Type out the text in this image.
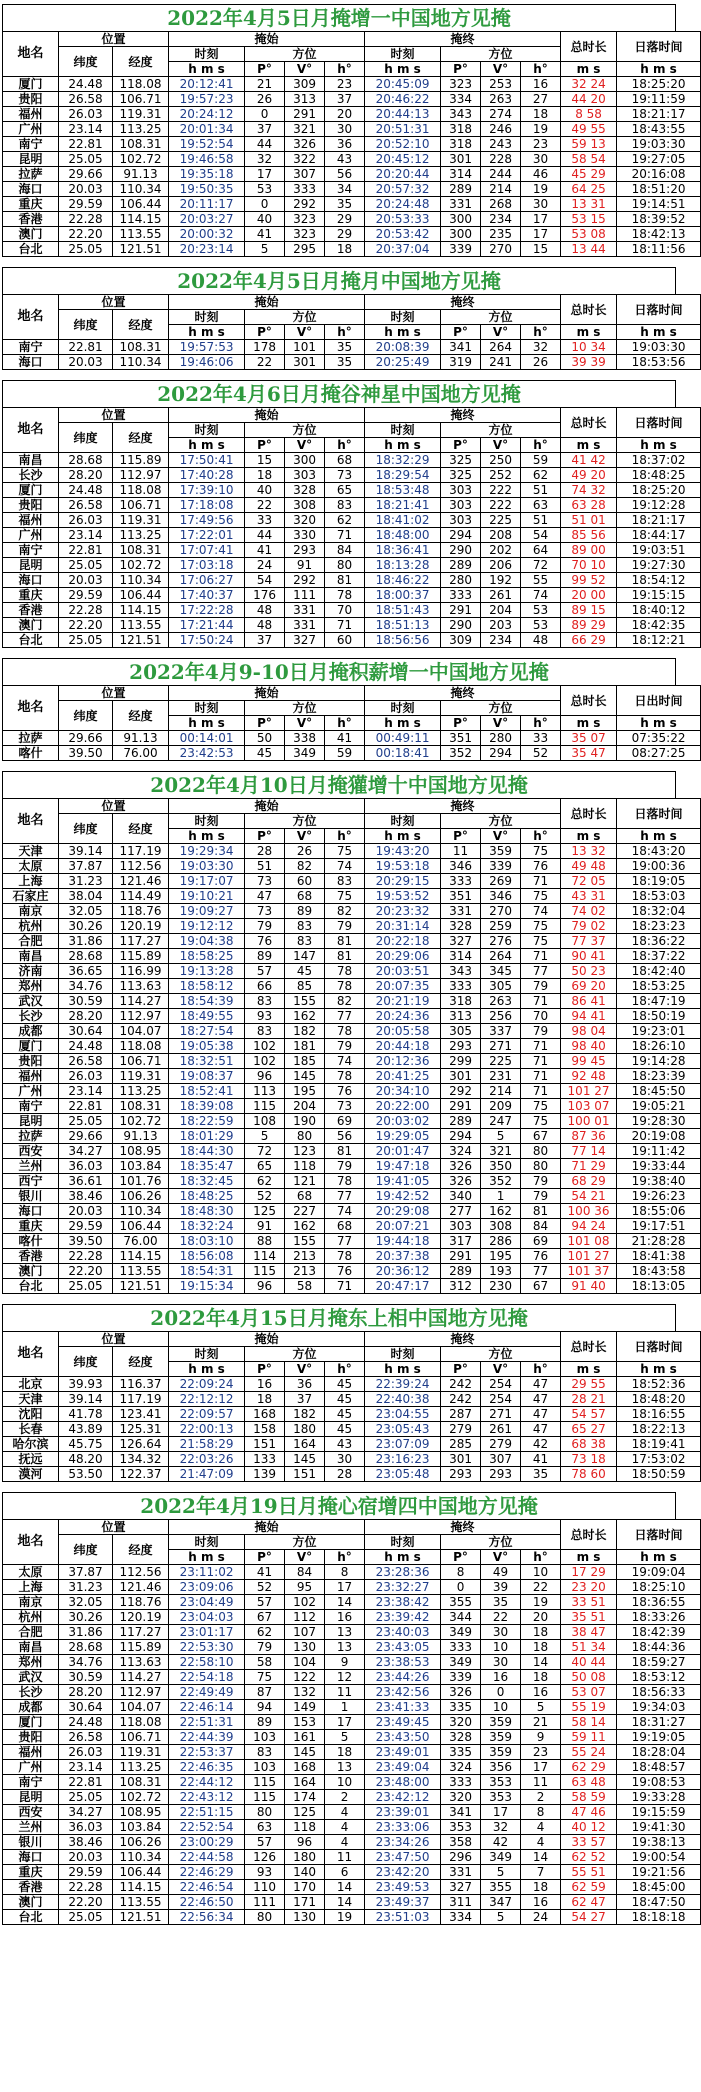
2022年4月5日月掩增一中国地方见掩
地名	位置		掩始				掩终				总时长	日落时间
	纬度	经度	时刻	方位			时刻	方位				
			h m s	P°	V°	h°	h m s	P°	V°	h°	m s	h m s
厦门	24.48	118.08	20:12:41	21	309	23	20:45:09	323	253	16	32 24	18:25:20
贵阳	26.58	106.71	19:57:23	26	313	37	20:46:22	334	263	27	44 20	19:11:59
福州	26.03	119.31	20:24:12	0	291	20	20:44:13	343	274	18	8 58	18:21:17
广州	23.14	113.25	20:01:34	37	321	30	20:51:31	318	246	19	49 55	18:43:55
南宁	22.81	108.31	19:52:54	44	326	36	20:52:10	318	243	23	59 13	19:03:30
昆明	25.05	102.72	19:46:58	32	322	43	20:45:12	301	228	30	58 54	19:27:05
拉萨	29.66	91.13	19:35:18	17	307	56	20:20:44	314	244	46	45 29	20:16:08
海口	20.03	110.34	19:50:35	53	333	34	20:57:32	289	214	19	64 25	18:51:20
重庆	29.59	106.44	20:11:17	0	292	35	20:24:48	331	268	30	13 31	19:14:51
香港	22.28	114.15	20:03:27	40	323	29	20:53:33	300	234	17	53 15	18:39:52
澳门	22.20	113.55	20:00:32	41	323	29	20:53:42	300	235	17	53 08	18:42:13
台北	25.05	121.51	20:23:14	5	295	18	20:37:04	339	270	15	13 44	18:11:56
2022年4月5日月掩月中国地方见掩
地名	位置		掩始				掩终				总时长	日落时间
	纬度	经度	时刻	方位			时刻	方位				
			h m s	P°	V°	h°	h m s	P°	V°	h°	m s	h m s
南宁	22.81	108.31	19:57:53	178	101	35	20:08:39	341	264	32	10 34	19:03:30
海口	20.03	110.34	19:46:06	22	301	35	20:25:49	319	241	26	39 39	18:53:56
2022年4月6日月掩谷神星中国地方见掩
地名	位置		掩始				掩终				总时长	日落时间
	纬度	经度	时刻	方位			时刻	方位				
			h m s	P°	V°	h°	h m s	P°	V°	h°	m s	h m s
南昌	28.68	115.89	17:50:41	15	300	68	18:32:29	325	250	59	41 42	18:37:02
长沙	28.20	112.97	17:40:28	18	303	73	18:29:54	325	252	62	49 20	18:48:25
厦门	24.48	118.08	17:39:10	40	328	65	18:53:48	303	222	51	74 32	18:25:20
贵阳	26.58	106.71	17:18:08	22	308	83	18:21:41	303	222	63	63 28	19:12:28
福州	26.03	119.31	17:49:56	33	320	62	18:41:02	303	225	51	51 01	18:21:17
广州	23.14	113.25	17:22:01	44	330	71	18:48:00	294	208	54	85 56	18:44:17
南宁	22.81	108.31	17:07:41	41	293	84	18:36:41	290	202	64	89 00	19:03:51
昆明	25.05	102.72	17:03:18	24	91	80	18:13:28	289	206	72	70 10	19:27:30
海口	20.03	110.34	17:06:27	54	292	81	18:46:22	280	192	55	99 52	18:54:12
重庆	29.59	106.44	17:40:37	176	111	78	18:00:37	333	261	74	20 00	19:15:15
香港	22.28	114.15	17:22:28	48	331	70	18:51:43	291	204	53	89 15	18:40:12
澳门	22.20	113.55	17:21:44	48	331	71	18:51:13	290	203	53	89 29	18:42:35
台北	25.05	121.51	17:50:24	37	327	60	18:56:56	309	234	48	66 29	18:12:21
2022年4月9-10日月掩积薪增一中国地方见掩
地名	位置		掩始				掩终				总时长	日出时间
	纬度	经度	时刻	方位			时刻	方位				
			h m s	P°	V°	h°	h m s	P°	V°	h°	m s	h m s
拉萨	29.66	91.13	00:14:01	50	338	41	00:49:11	351	280	33	35 07	07:35:22
喀什	39.50	76.00	23:42:53	45	349	59	00:18:41	352	294	52	35 47	08:27:25
2022年4月10日月掩獾增十中国地方见掩
地名	位置		掩始				掩终				总时长	日落时间
	纬度	经度	时刻	方位			时刻	方位				
			h m s	P°	V°	h°	h m s	P°	V°	h°	m s	h m s
天津	39.14	117.19	19:29:34	28	26	75	19:43:20	11	359	75	13 32	18:43:20
太原	37.87	112.56	19:03:30	51	82	74	19:53:18	346	339	76	49 48	19:00:36
上海	31.23	121.46	19:17:07	73	60	83	20:29:15	333	269	71	72 05	18:19:05
石家庄	38.04	114.49	19:10:21	47	68	75	19:53:52	351	346	75	43 31	18:53:03
南京	32.05	118.76	19:09:27	73	89	82	20:23:32	331	270	74	74 02	18:32:04
杭州	30.26	120.19	19:12:12	79	83	79	20:31:14	328	259	75	79 02	18:23:23
合肥	31.86	117.27	19:04:38	76	83	81	20:22:18	327	276	75	77 37	18:36:22
南昌	28.68	115.89	18:58:25	89	147	81	20:29:06	314	264	71	90 41	18:37:22
济南	36.65	116.99	19:13:28	57	45	78	20:03:51	343	345	77	50 23	18:42:40
郑州	34.76	113.63	18:58:12	66	85	78	20:07:35	333	305	79	69 20	18:53:25
武汉	30.59	114.27	18:54:39	83	155	82	20:21:19	318	263	71	86 41	18:47:19
长沙	28.20	112.97	18:49:55	93	162	77	20:24:36	313	256	70	94 41	18:50:19
成都	30.64	104.07	18:27:54	83	182	78	20:05:58	305	337	79	98 04	19:23:01
厦门	24.48	118.08	19:05:38	102	181	79	20:44:18	293	271	71	98 40	18:26:10
贵阳	26.58	106.71	18:32:51	102	185	74	20:12:36	299	225	71	99 45	19:14:28
福州	26.03	119.31	19:08:37	96	145	78	20:41:25	301	231	71	92 48	18:23:39
广州	23.14	113.25	18:52:41	113	195	76	20:34:10	292	214	71	101 27	18:45:50
南宁	22.81	108.31	18:39:08	115	204	73	20:22:00	291	209	75	103 07	19:05:21
昆明	25.05	102.72	18:22:59	108	190	69	20:03:02	289	247	75	100 01	19:28:30
拉萨	29.66	91.13	18:01:29	5	80	56	19:29:05	294	5	67	87 36	20:19:08
西安	34.27	108.95	18:44:30	72	123	81	20:01:47	324	321	80	77 14	19:11:42
兰州	36.03	103.84	18:35:47	65	118	79	19:47:18	326	350	80	71 29	19:33:44
西宁	36.61	101.76	18:32:45	62	121	78	19:41:05	326	352	79	68 29	19:38:40
银川	38.46	106.26	18:48:25	52	68	77	19:42:52	340	1	79	54 21	19:26:23
海口	20.03	110.34	18:48:30	125	227	74	20:29:08	277	162	81	100 36	18:55:06
重庆	29.59	106.44	18:32:24	91	162	68	20:07:21	303	308	84	94 24	19:17:51
喀什	39.50	76.00	18:03:10	88	155	77	19:44:18	317	286	69	101 08	21:28:28
香港	22.28	114.15	18:56:08	114	213	78	20:37:38	291	195	76	101 27	18:41:38
澳门	22.20	113.55	18:54:31	115	213	76	20:36:12	289	193	77	101 37	18:43:58
台北	25.05	121.51	19:15:34	96	58	71	20:47:17	312	230	67	91 40	18:13:05
2022年4月15日月掩东上相中国地方见掩
地名	位置		掩始				掩终				总时长	日落时间
	纬度	经度	时刻	方位			时刻	方位				
			h m s	P°	V°	h°	h m s	P°	V°	h°	m s	h m s
北京	39.93	116.37	22:09:24	16	36	45	22:39:24	242	254	47	29 55	18:52:36
天津	39.14	117.19	22:12:12	18	37	45	22:40:38	242	254	47	28 21	18:48:20
沈阳	41.78	123.41	22:09:57	168	182	45	23:04:55	287	271	47	54 57	18:16:55
长春	43.89	125.31	22:00:13	158	180	45	23:05:43	279	261	47	65 27	18:22:13
哈尔滨	45.75	126.64	21:58:29	151	164	43	23:07:09	285	279	42	68 38	18:19:41
抚远	48.20	134.32	22:03:26	133	145	30	23:16:23	301	307	41	73 18	17:53:02
漠河	53.50	122.37	21:47:09	139	151	28	23:05:48	293	293	35	78 60	18:50:59
2022年4月19日月掩心宿增四中国地方见掩
地名	位置		掩始				掩终				总时长	日落时间
	纬度	经度	时刻	方位			时刻	方位				
			h m s	P°	V°	h°	h m s	P°	V°	h°	m s	h m s
太原	37.87	112.56	23:11:02	41	84	8	23:28:36	8	49	10	17 29	19:09:04
上海	31.23	121.46	23:09:06	52	95	17	23:32:27	0	39	22	23 20	18:25:10
南京	32.05	118.76	23:04:49	57	102	14	23:38:42	355	35	19	33 51	18:36:55
杭州	30.26	120.19	23:04:03	67	112	16	23:39:42	344	22	20	35 51	18:33:26
合肥	31.86	117.27	23:01:17	62	107	13	23:40:03	349	30	18	38 47	18:42:39
南昌	28.68	115.89	22:53:30	79	130	13	23:43:05	333	10	18	51 34	18:44:36
郑州	34.76	113.63	22:58:10	58	104	9	23:38:53	349	30	14	40 44	18:59:27
武汉	30.59	114.27	22:54:18	75	122	12	23:44:26	339	16	18	50 08	18:53:12
长沙	28.20	112.97	22:49:49	87	132	11	23:42:56	326	0	16	53 07	18:56:33
成都	30.64	104.07	22:46:14	94	149	1	23:41:33	335	10	5	55 19	19:34:03
厦门	24.48	118.08	22:51:31	89	153	17	23:49:45	320	359	21	58 14	18:31:27
贵阳	26.58	106.71	22:44:39	103	161	5	23:43:50	328	359	9	59 11	19:19:05
福州	26.03	119.31	22:53:37	83	145	18	23:49:01	335	359	23	55 24	18:28:04
广州	23.14	113.25	22:46:35	103	168	13	23:49:04	324	356	17	62 29	18:48:57
南宁	22.81	108.31	22:44:12	115	164	10	23:48:00	333	353	11	63 48	19:08:53
昆明	25.05	102.72	22:43:12	115	174	2	23:42:12	320	353	2	58 59	19:33:28
西安	34.27	108.95	22:51:15	80	125	4	23:39:01	341	17	8	47 46	19:15:59
兰州	36.03	103.84	22:52:54	63	118	4	23:33:06	353	32	4	40 12	19:41:30
银川	38.46	106.26	23:00:29	57	96	4	23:34:26	358	42	4	33 57	19:38:13
海口	20.03	110.34	22:44:58	126	180	11	23:47:50	296	349	14	62 52	19:00:54
重庆	29.59	106.44	22:46:29	93	140	6	23:42:20	331	5	7	55 51	19:21:56
香港	22.28	114.15	22:46:54	110	170	14	23:49:53	327	355	18	62 59	18:45:00
澳门	22.20	113.55	22:46:50	111	171	14	23:49:37	311	347	16	62 47	18:47:50
台北	25.05	121.51	22:56:34	80	130	19	23:51:03	334	5	24	54 27	18:18:18
